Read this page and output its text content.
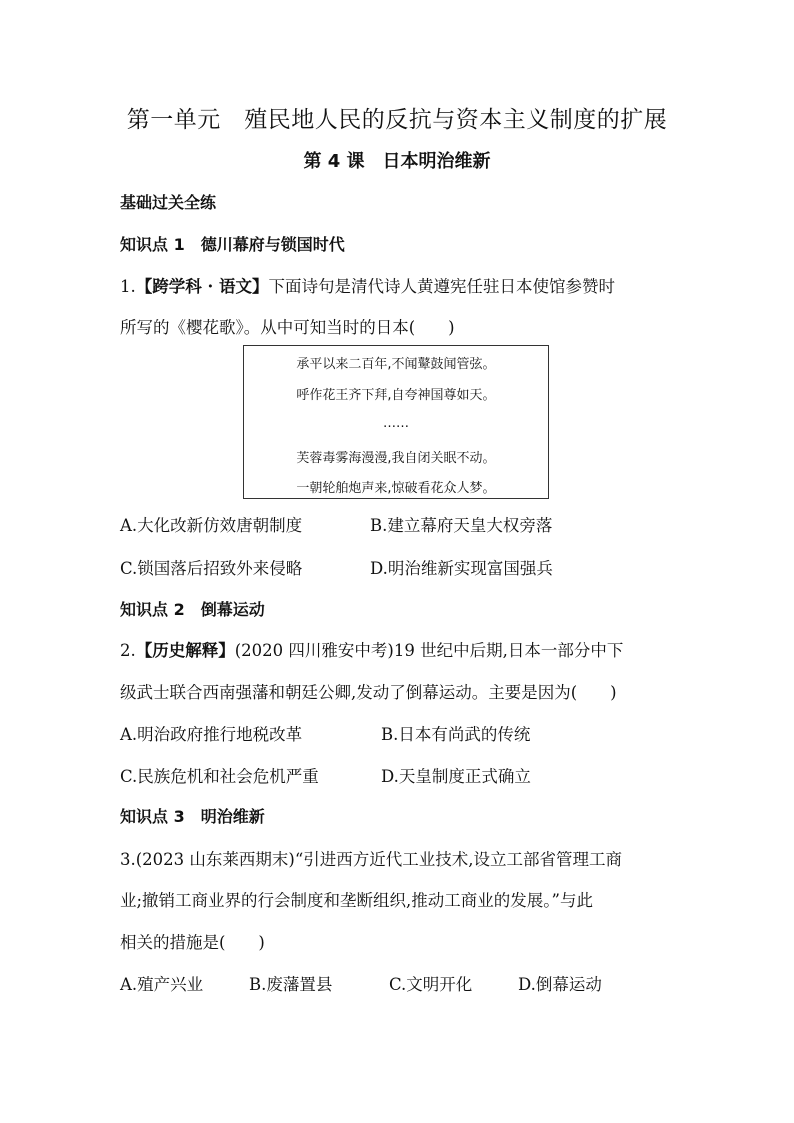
第一单元　殖民地人民的反抗与资本主义制度的扩展
第 4 课　日本明治维新
基础过关全练
知识点 1　德川幕府与锁国时代
1.【跨学科 · 语文】下面诗句是清代诗人黄遵宪任驻日本使馆参赞时
所写的《樱花歌》。从中可知当时的日本(　　)
承平以来二百年,不闻鼙鼓闻管弦。
呼作花王齐下拜,自夸神国尊如天。
……
芙蓉毒雾海漫漫,我自闭关眠不动。
一朝轮舶炮声来,惊破看花众人梦。
A.大化改新仿效唐朝制度	B.建立幕府天皇大权旁落
C.锁国落后招致外来侵略	D.明治维新实现富国强兵
知识点 2　倒幕运动
2.【历史解释】(2020 四川雅安中考)19 世纪中后期,日本一部分中下
级武士联合西南强藩和朝廷公卿,发动了倒幕运动。主要是因为(　　)
A.明治政府推行地税改革	B.日本有尚武的传统
C.民族危机和社会危机严重	D.天皇制度正式确立
知识点 3　明治维新
3.(2023 山东莱西期末)“引进西方近代工业技术,设立工部省管理工商
业;撤销工商业界的行会制度和垄断组织,推动工商业的发展。”与此
相关的措施是(　　)
A.殖产兴业	B.废藩置县	C.文明开化	D.倒幕运动
